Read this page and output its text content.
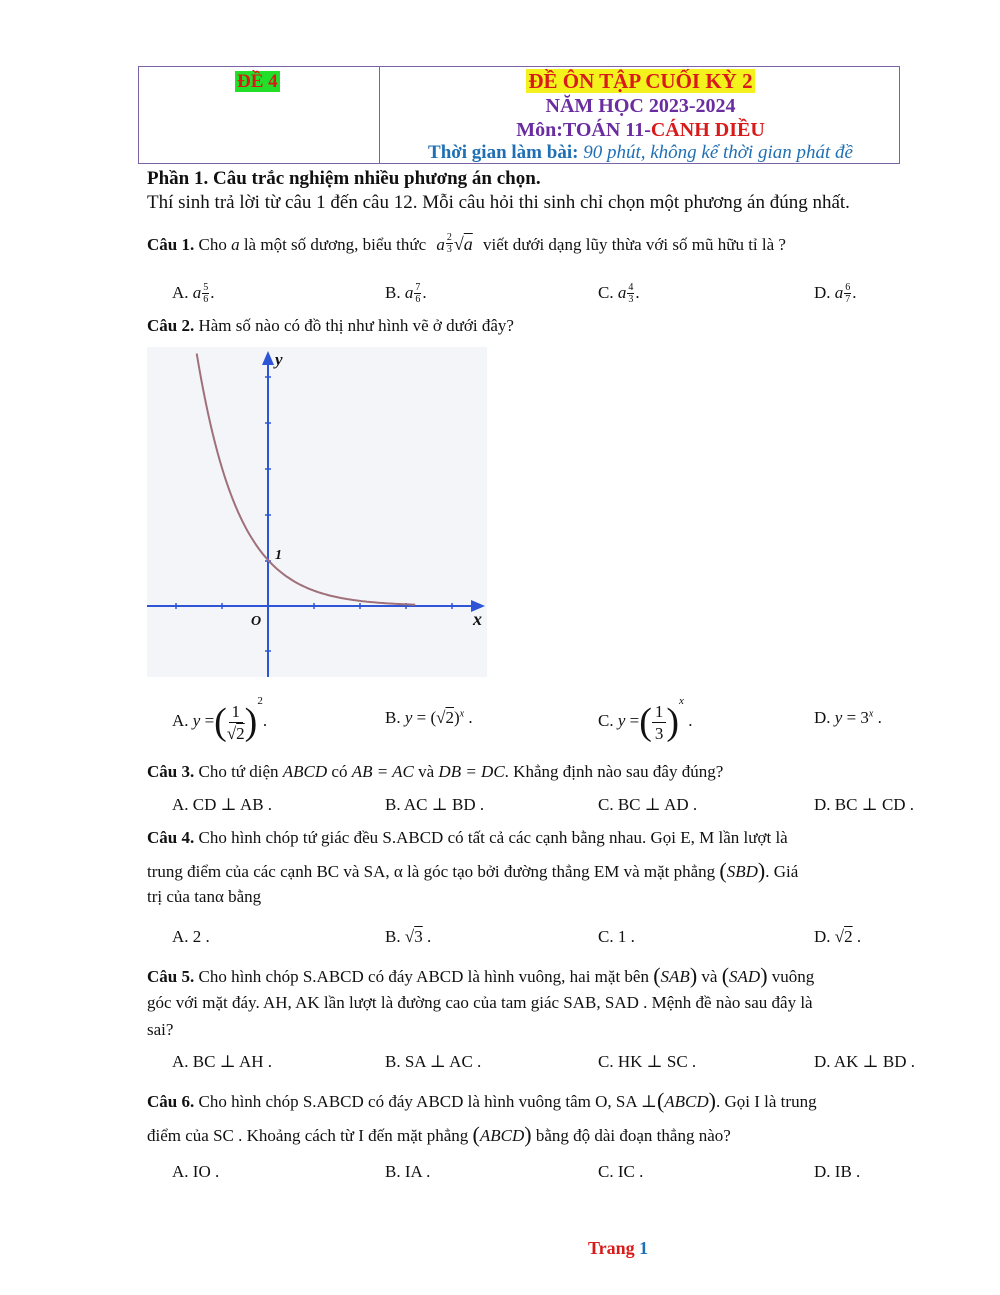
ĐỀ 4	ĐỀ ÔN TẬP CUỐI KỲ 2
NĂM HỌC 2023-2024
Môn:TOÁN 11-CÁNH DIỀU
Thời gian làm bài: 90 phút, không kể thời gian phát đề
Phần 1. Câu trắc nghiệm nhiều phương án chọn.
Thí sinh trả lời từ câu 1 đến câu 12. Mỗi câu hỏi thi sinh chỉ chọn một phương án đúng nhất.
Câu 1. Cho a là một số dương, biểu thức a $\frac{2}{3} √a$ viết dưới dạng lũy thừa với số mũ hữu tỉ là ?
A. a $\frac{5}{6}$ .	B. a $\frac{7}{6}$ .	C. a $\frac{4}{3}$ .	D. a $\frac{6}{7}$ .
Câu 2. Hàm số nào có đồ thị như hình vẽ ở dưới đây?
y
x
O
1
A. y =( $\frac{1}{√2} )^2$.	B. $y = (√2)^x$ .	C. y =( $\frac{1}{3} )^x$ .	D. $y = 3^x$ .
Câu 3. Cho tứ diện ABCD có AB = AC và DB = DC. Khẳng định nào sau đây đúng?
A. CD ⊥ AB .	B. AC ⊥ BD .	C. BC ⊥ AD .	D. BC ⊥ CD .
Câu 4. Cho hình chóp tứ giác đều S.ABCD có tất cả các cạnh bằng nhau. Gọi E, M lần lượt là
trung điểm của các cạnh BC và SA, α là góc tạo bởi đường thẳng EM và mặt phẳng (SBD). Giá
trị của tanα bằng
A. 2 .	B. √3 .	C. 1 .	D. √2 .
Câu 5. Cho hình chóp S.ABCD có đáy ABCD là hình vuông, hai mặt bên (SAB) và (SAD) vuông
góc với mặt đáy. AH, AK lần lượt là đường cao của tam giác SAB, SAD . Mệnh đề nào sau đây là
sai?
A. BC ⊥ AH .	B. SA ⊥ AC .	C. HK ⊥ SC .	D. AK ⊥ BD .
Câu 6. Cho hình chóp S.ABCD có đáy ABCD là hình vuông tâm O, SA ⊥(ABCD). Gọi I là trung
điểm của SC . Khoảng cách từ I đến mặt phẳng (ABCD) bằng độ dài đoạn thẳng nào?
A. IO .	B. IA .	C. IC .	D. IB .
Trang 1
